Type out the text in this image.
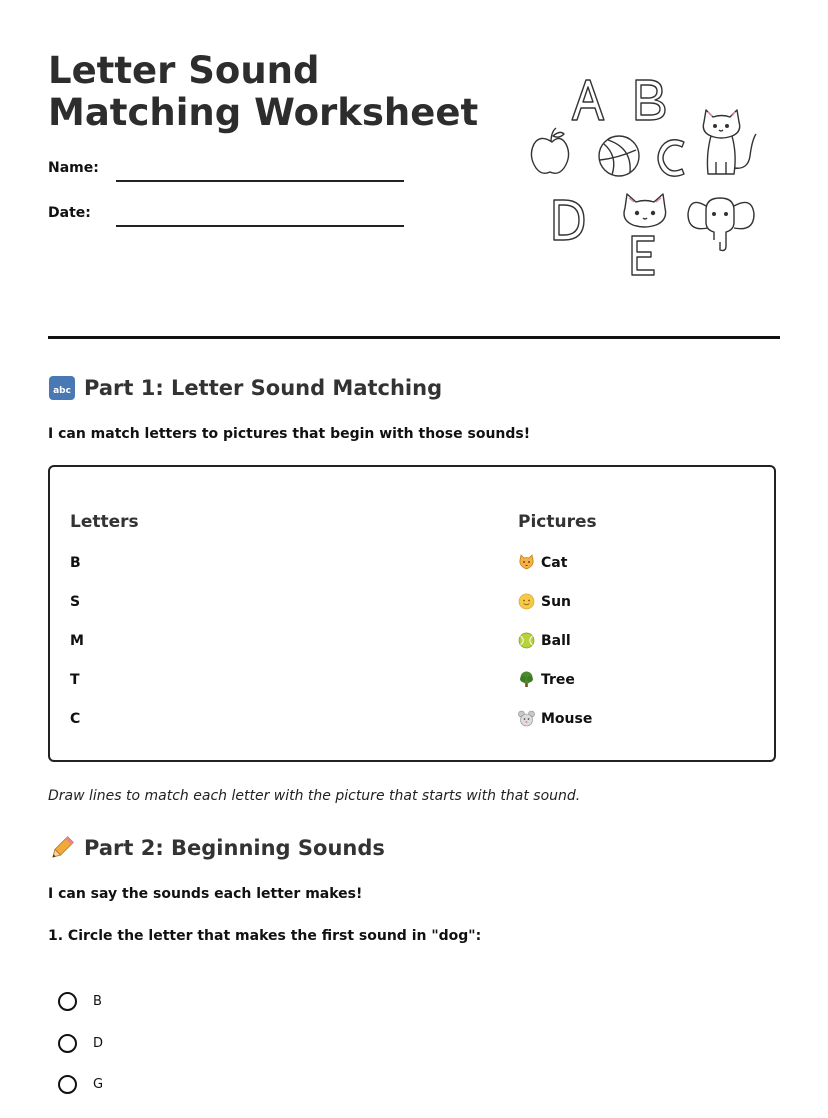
Letter Sound Matching Worksheet
Name:
Date:
abc Part 1: Letter Sound Matching
I can match letters to pictures that begin with those sounds!
Letters	Pictures
B
S
M
T
C
Cat
Sun
Ball
Tree
Mouse
Draw lines to match each letter with the picture that starts with that sound.
Part 2: Beginning Sounds
I can say the sounds each letter makes!
1. Circle the letter that makes the first sound in "dog":
B
D
G
